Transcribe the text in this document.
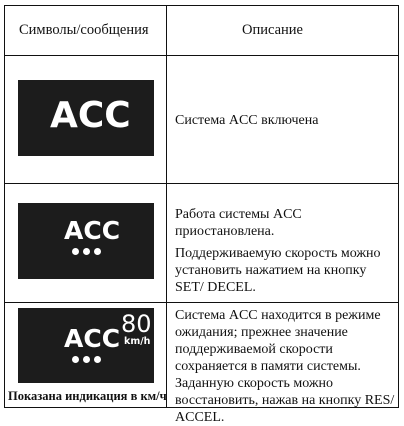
Символы/сообщения	Описание
ACC	Система ACC включена

ACC

Работа системы ACC приостановлена.

Поддерживаемую скорость можно установить нажатием на кнопку SET/ DECEL.

ACC 80
km/h
Показана индикация в км/ч

Система ACC находится в режиме ожидания; прежнее значение поддерживаемой скорости сохраняется в памяти системы. Заданную скорость можно восстановить, нажав на кнопку RES/ ACCEL.
